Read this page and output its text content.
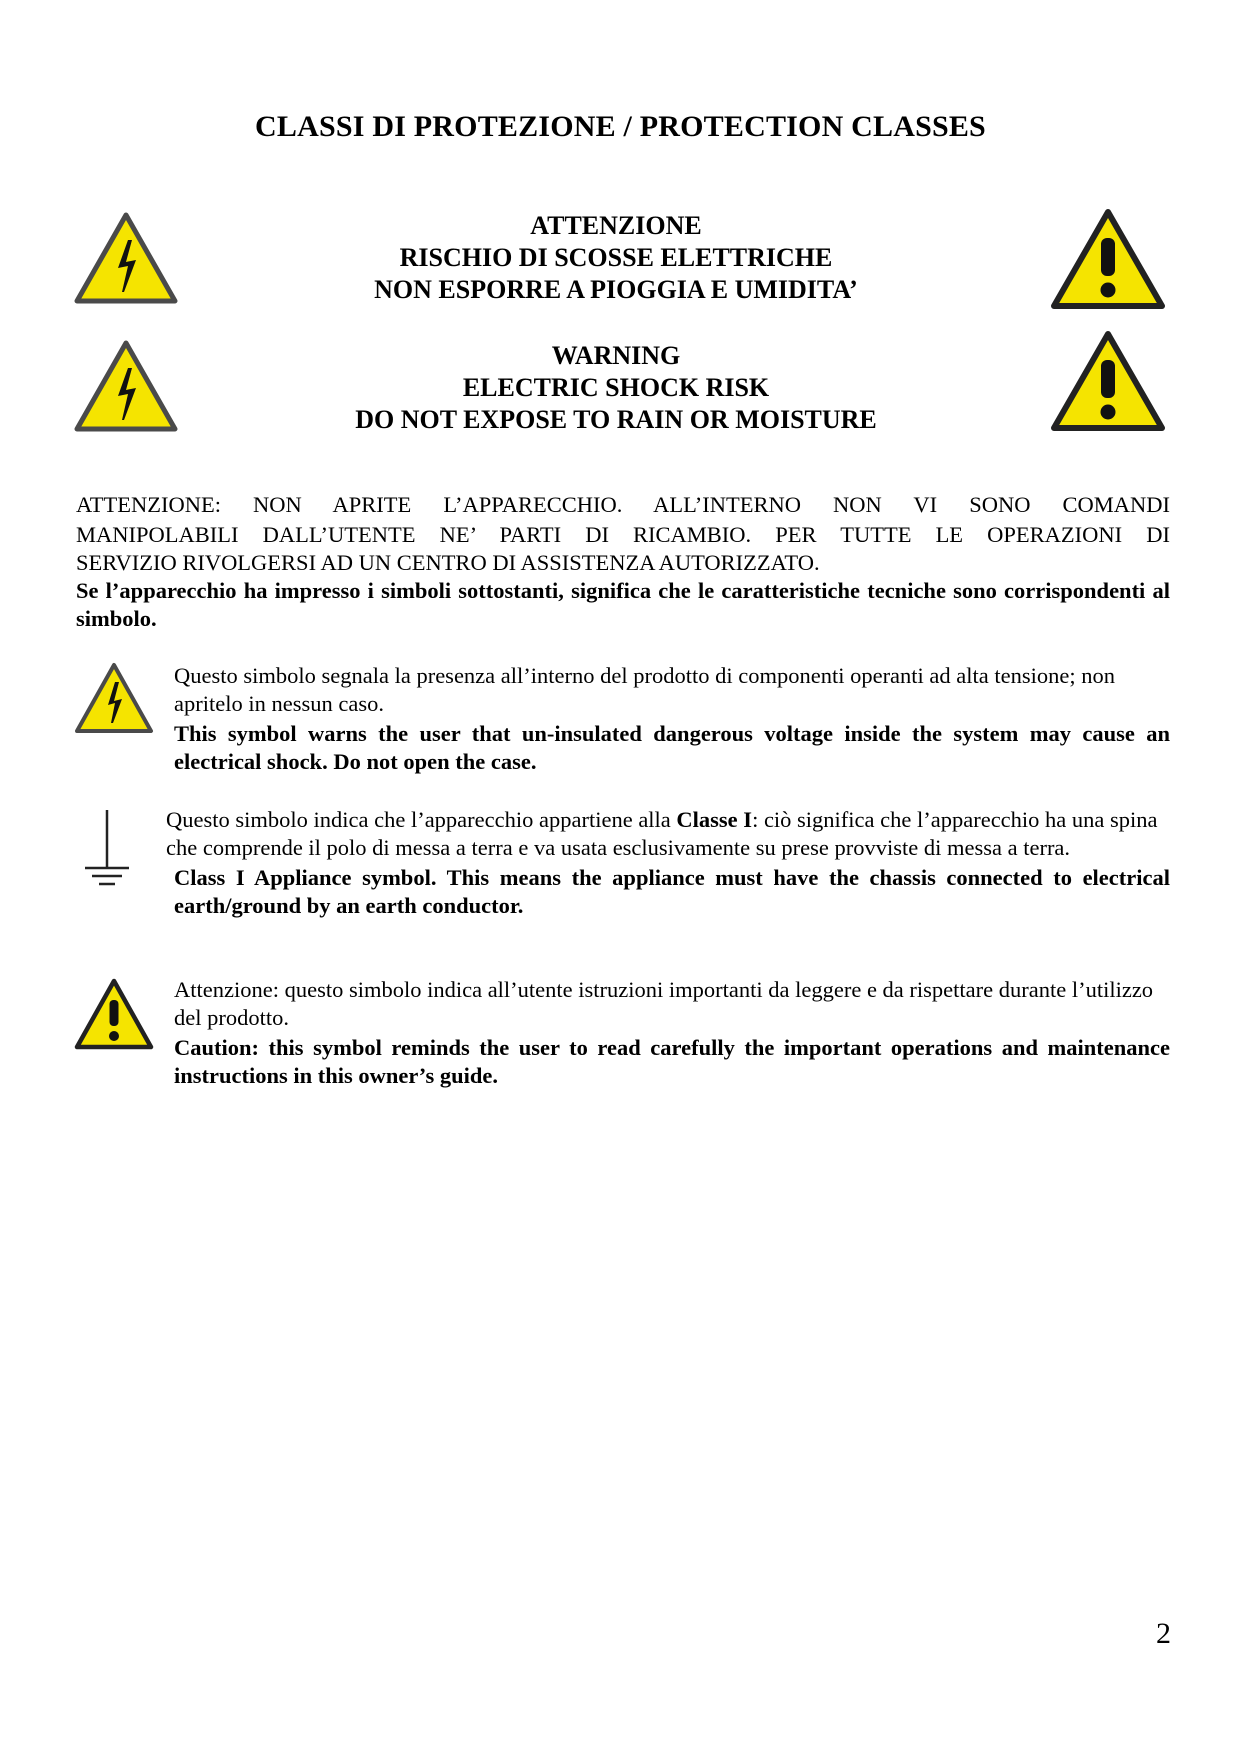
CLASSI DI PROTEZIONE / PROTECTION CLASSES
ATTENZIONE
RISCHIO DI SCOSSE ELETTRICHE
NON ESPORRE A PIOGGIA E UMIDITA’
WARNING
ELECTRIC SHOCK RISK
DO NOT EXPOSE TO RAIN OR MOISTURE
ATTENZIONE: NON APRITE L’APPARECCHIO. ALL’INTERNO NON VI SONO COMANDI
MANIPOLABILI DALL’UTENTE NE’ PARTI DI RICAMBIO. PER TUTTE LE OPERAZIONI DI
SERVIZIO RIVOLGERSI AD UN CENTRO DI ASSISTENZA AUTORIZZATO.
Se l’apparecchio ha impresso i simboli sottostanti, significa che le caratteristiche tecniche sono corrispondenti al simbolo.
Questo simbolo segnala la presenza all’interno del prodotto di componenti operanti ad alta tensione; non apritelo in nessun caso.
This symbol warns the user that un-insulated dangerous voltage inside the system may cause an electrical shock. Do not open the case.
Questo simbolo indica che l’apparecchio appartiene alla Classe I: ciò significa che l’apparecchio ha una spina che comprende il polo di messa a terra e va usata esclusivamente su prese provviste di messa a terra.
Class I Appliance symbol. This means the appliance must have the chassis connected to electrical earth/ground by an earth conductor.
Attenzione: questo simbolo indica all’utente istruzioni importanti da leggere e da rispettare durante l’utilizzo del prodotto.
Caution: this symbol reminds the user to read carefully the important operations and maintenance instructions in this owner’s guide.
2
